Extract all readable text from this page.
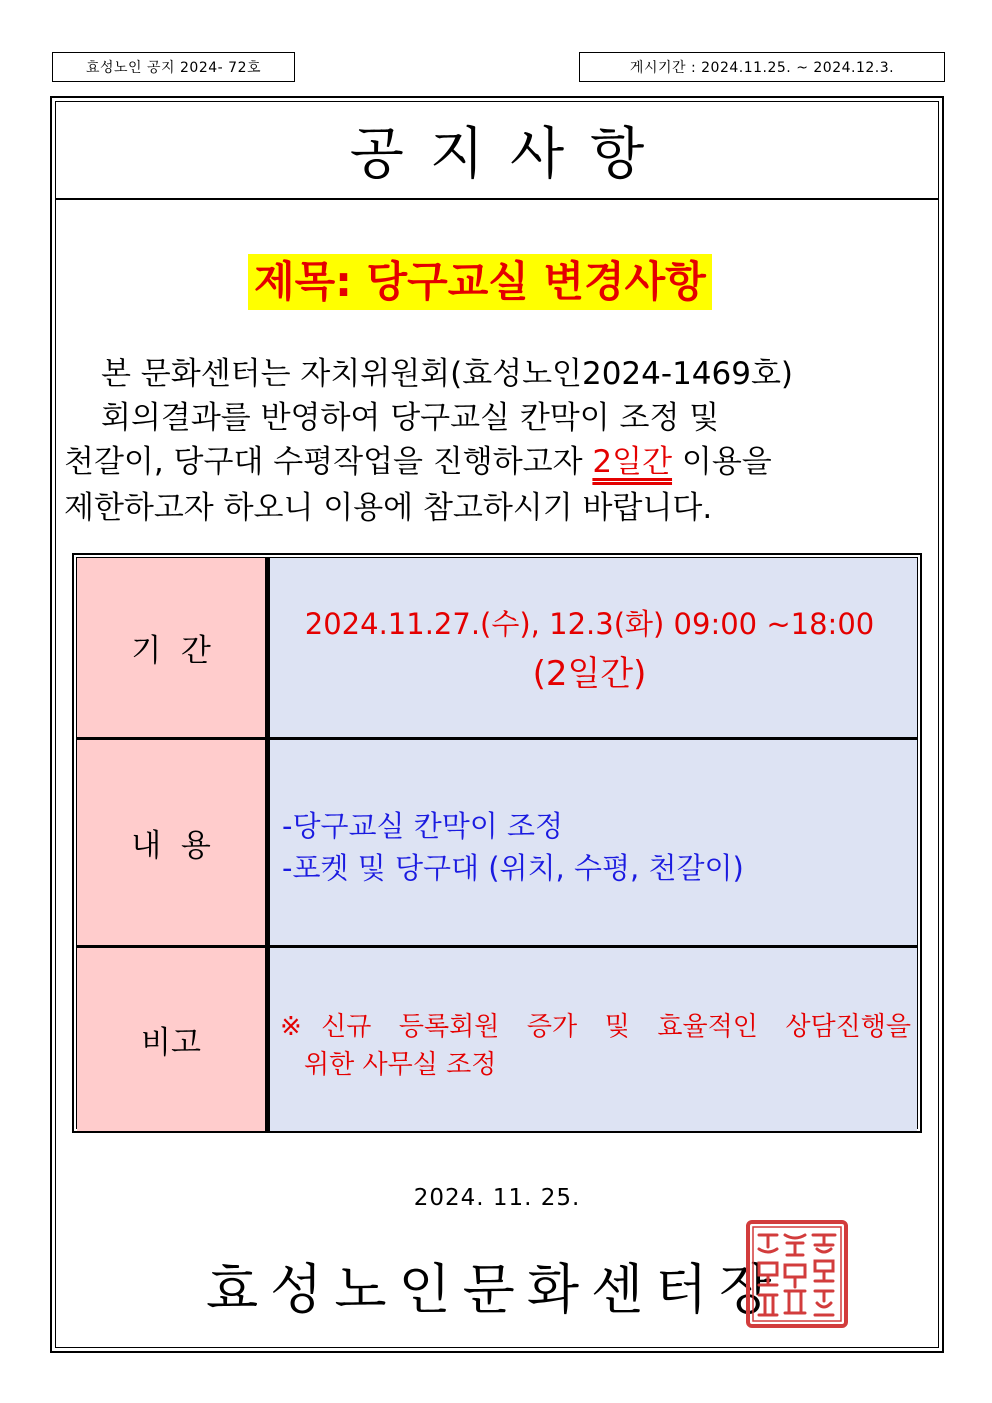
효성노인 공지 2024- 72호	게시기간 : 2024.11.25. ~ 2024.12.3.
공지사항
제목: 당구교실 변경사항
본 문화센터는 자치위원회(효성노인2024-1469호)
회의결과를 반영하여 당구교실 칸막이 조정 및
천갈이, 당구대 수평작업을 진행하고자 2일간 이용을
제한하고자 하오니 이용에 참고하시기 바랍니다.
기  간
2024.11.27.(수), 12.3(화) 09:00 ~18:00
(2일간)
내  용
-당구교실 칸막이 조정
-포켓 및 당구대 (위치, 수평, 천갈이)
비고	※신규 등록회원 증가 및 효율적인 상담진행을
위한 사무실 조정
2024. 11. 25.
효성노인문화센터장
